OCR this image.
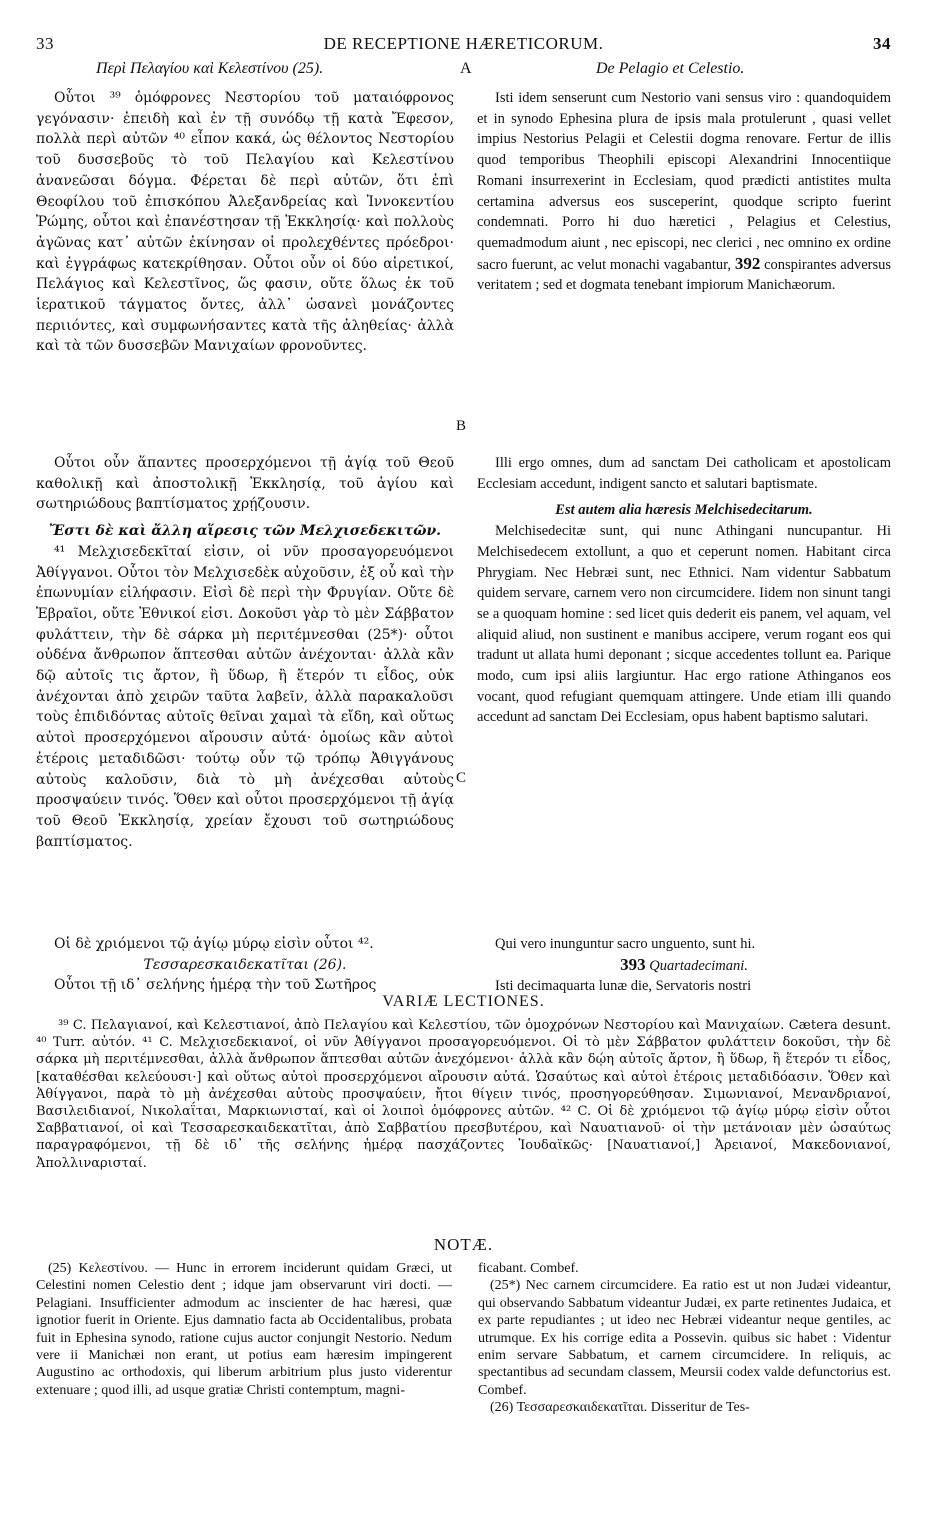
33	DE RECEPTIONE HÆRETICORUM.	34
Περὶ Πελαγίου καὶ Κελεστίνου (25).	A	De Pelagio et Celestio.

Οὗτοι ³⁹ ὁμόφρονες Νεστορίου τοῦ ματαιόφρονος γεγόνασιν· ἐπειδὴ καὶ ἐν τῇ συνόδῳ τῇ κατὰ Ἔφεσον, πολλὰ περὶ αὐτῶν ⁴⁰ εἶπον κακά, ὡς θέλοντος Νεστορίου τοῦ δυσσεβοῦς τὸ τοῦ Πελαγίου καὶ Κελεστίνου ἀνανεῶσαι δόγμα. Φέρεται δὲ περὶ αὐτῶν, ὅτι ἐπὶ Θεοφίλου τοῦ ἐπισκόπου Ἀλεξανδρείας καὶ Ἰννοκεντίου Ῥώμης, οὗτοι καὶ ἐπανέστησαν τῇ Ἐκκλησίᾳ· καὶ πολλοὺς ἀγῶνας κατ᾽ αὐτῶν ἐκίνησαν οἱ προλεχθέντες πρόεδροι· καὶ ἐγγράφως κατεκρίθησαν. Οὗτοι οὖν οἱ δύο αἱρετικοί, Πελάγιος καὶ Κελεστῖνος, ὥς φασιν, οὔτε ὅλως ἐκ τοῦ ἱερατικοῦ τάγματος ὄντες, ἀλλ᾽ ὡσανεὶ μονάζοντες περιιόντες, καὶ συμφωνήσαντες κατὰ τῆς ἀληθείας· ἀλλὰ καὶ τὰ τῶν δυσσεβῶν Μανιχαίων φρονοῦντες.

Οὗτοι οὖν ἅπαντες προσερχόμενοι τῇ ἁγίᾳ τοῦ Θεοῦ καθολικῇ καὶ ἀποστολικῇ Ἐκκλησίᾳ, τοῦ ἁγίου καὶ σωτηριώδους βαπτίσματος χρῄζουσιν.

Ἔστι δὲ καὶ ἄλλη αἵρεσις τῶν Μελχισεδεκιτῶν.

⁴¹ Μελχισεδεκῖταί εἰσιν, οἱ νῦν προσαγορευόμενοι Ἀθίγγανοι. Οὗτοι τὸν Μελχισεδὲκ αὐχοῦσιν, ἐξ οὗ καὶ τὴν ἐπωνυμίαν εἰλήφασιν. Εἰσὶ δὲ περὶ τὴν Φρυγίαν. Οὔτε δὲ Ἑβραῖοι, οὔτε Ἐθνικοί εἰσι. Δοκοῦσι γὰρ τὸ μὲν Σάββατον φυλάττειν, τὴν δὲ σάρκα μὴ περιτέμνεσθαι (25*)· οὗτοι οὐδένα ἄνθρωπον ἅπτεσθαι αὐτῶν ἀνέχονται· ἀλλὰ κἂν δῷ αὐτοῖς τις ἄρτον, ἢ ὕδωρ, ἢ ἕτερόν τι εἶδος, οὐκ ἀνέχονται ἀπὸ χειρῶν ταῦτα λαβεῖν, ἀλλὰ παρακαλοῦσι τοὺς ἐπιδιδόντας αὐτοῖς θεῖναι χαμαὶ τὰ εἴδη, καὶ οὕτως αὐτοὶ προσερχόμενοι αἴρουσιν αὐτά· ὁμοίως κἂν αὐτοὶ ἑτέροις μεταδιδῶσι· τούτῳ οὖν τῷ τρόπῳ Ἀθιγγάνους αὐτοὺς καλοῦσιν, διὰ τὸ μὴ ἀνέχεσθαι αὐτοὺς προσψαύειν τινός. Ὅθεν καὶ οὗτοι προσερχόμενοι τῇ ἁγίᾳ τοῦ Θεοῦ Ἐκκλησίᾳ, χρείαν ἔχουσι τοῦ σωτηριώδους βαπτίσματος.

Οἱ δὲ χριόμενοι τῷ ἁγίῳ μύρῳ εἰσὶν οὗτοι ⁴².

Τεσσαρεσκαιδεκατῖται (26).

Οὗτοι τῇ ιδ᾽ σελήνης ἡμέρᾳ τὴν τοῦ Σωτῆρος

B
C

Isti idem senserunt cum Nestorio vani sensus viro : quandoquidem et in synodo Ephesina plura de ipsis mala protulerunt , quasi vellet impius Nestorius Pelagii et Celestii dogma renovare. Fertur de illis quod temporibus Theophili episcopi Alexandrini Innocentiique Romani insurrexerint in Ecclesiam, quod prædicti antistites multa certamina adversus eos susceperint, quodque scripto fuerint condemnati. Porro hi duo hæretici , Pelagius et Celestius, quemadmodum aiunt , nec episcopi, nec clerici , nec omnino ex ordine sacro fuerunt, ac velut monachi vagabantur, 392 conspirantes adversus veritatem ; sed et dogmata tenebant impiorum Manichæorum.

Illi ergo omnes, dum ad sanctam Dei catholicam et apostolicam Ecclesiam accedunt, indigent sancto et salutari baptismate.

Est autem alia hæresis Melchisedecitarum.

Melchisedecitæ sunt, qui nunc Athingani nuncupantur. Hi Melchisedecem extollunt, a quo et ceperunt nomen. Habitant circa Phrygiam. Nec Hebræi sunt, nec Ethnici. Nam videntur Sabbatum quidem servare, carnem vero non circumcidere. Iidem non sinunt tangi se a quoquam homine : sed licet quis dederit eis panem, vel aquam, vel aliquid aliud, non sustinent e manibus accipere, verum rogant eos qui tradunt ut allata humi deponant ; sicque accedentes tollunt ea. Parique modo, cum ipsi aliis largiuntur. Hac ergo ratione Athinganos eos vocant, quod refugiant quemquam attingere. Unde etiam illi quando accedunt ad sanctam Dei Ecclesiam, opus habent baptismo salutari.

Qui vero inunguntur sacro unguento, sunt hi.

393 Quartadecimani.

Isti decimaquarta lunæ die, Servatoris nostri

VARIÆ LECTIONES.

³⁹ C. Πελαγιανοί, καὶ Κελεστιανοί, ἀπὸ Πελαγίου καὶ Κελεστίου, τῶν ὁμοχρόνων Νεστορίου καὶ Μανιχαίων. Cætera desunt. ⁴⁰ Turr. αὐτόν. ⁴¹ C. Μελχισεδεκιανοί, οἱ νῦν Ἀθίγγανοι προσαγορευόμενοι. Οἱ τὸ μὲν Σάββατον φυλάττειν δοκοῦσι, τὴν δὲ σάρκα μὴ περιτέμνεσθαι, ἀλλὰ ἄνθρωπον ἅπτεσθαι αὐτῶν ἀνεχόμενοι· ἀλλὰ κἂν δῴη αὐτοῖς ἄρτον, ἢ ὕδωρ, ἢ ἕτερόν τι εἶδος, [καταθέσθαι κελεύουσι·] καὶ οὕτως αὐτοὶ προσερχόμενοι αἴρουσιν αὐτά. Ὡσαύτως καὶ αὐτοὶ ἑτέροις μεταδιδόασιν. Ὅθεν καὶ Ἀθίγγανοι, παρὰ τὸ μὴ ἀνέχεσθαι αὐτοὺς προσψαύειν, ἤτοι θίγειν τινός, προσηγορεύθησαν. Σιμωνιανοί, Μενανδριανοί, Βασιλειδιανοί, Νικολαΐται, Μαρκιωνισταί, καὶ οἱ λοιποὶ ὁμόφρονες αὐτῶν. ⁴² C. Οἱ δὲ χριόμενοι τῷ ἁγίῳ μύρῳ εἰσὶν οὗτοι Σαββατιανοί, οἱ καὶ Τεσσαρεσκαιδεκατῖται, ἀπὸ Σαββατίου πρεσβυτέρου, καὶ Ναυατιανοῦ· οἱ τὴν μετάνοιαν μὲν ὡσαύτως παραγραφόμενοι, τῇ δὲ ιδ᾽ τῆς σελήνης ἡμέρᾳ πασχάζοντες Ἰουδαϊκῶς· [Ναυατιανοί,] Ἀρειανοί, Μακεδονιανοί, Ἀπολλιναρισταί.

NOTÆ.

(25) Κελεστίνου. — Hunc in errorem inciderunt quidam Græci, ut Celestini nomen Celestio dent ; idque jam observarunt viri docti. — Pelagiani. Insufficienter admodum ac inscienter de hac hæresi, quæ ignotior fuerit in Oriente. Ejus damnatio facta ab Occidentalibus, probata fuit in Ephesina synodo, ratione cujus auctor conjungit Nestorio. Nedum vere ii Manichæi non erant, ut potius eam hæresim impingerent Augustino ac orthodoxis, qui liberum arbitrium plus justo viderentur extenuare ; quod illi, ad usque gratiæ Christi contemptum, magni-

ficabant. Combef.

(25*) Nec carnem circumcidere. Ea ratio est ut non Judæi videantur, qui observando Sabbatum videantur Judæi, ex parte retinentes Judaica, et ex parte repudiantes ; ut ideo nec Hebræi videantur neque gentiles, ac utrumque. Ex his corrige edita a Possevin. quibus sic habet : Videntur enim servare Sabbatum, et carnem circumcidere. In reliquis, ac spectantibus ad secundam classem, Meursii codex valde defunctorius est. Combef.

(26) Τεσσαρεσκαιδεκατῖται. Disseritur de Tes-
